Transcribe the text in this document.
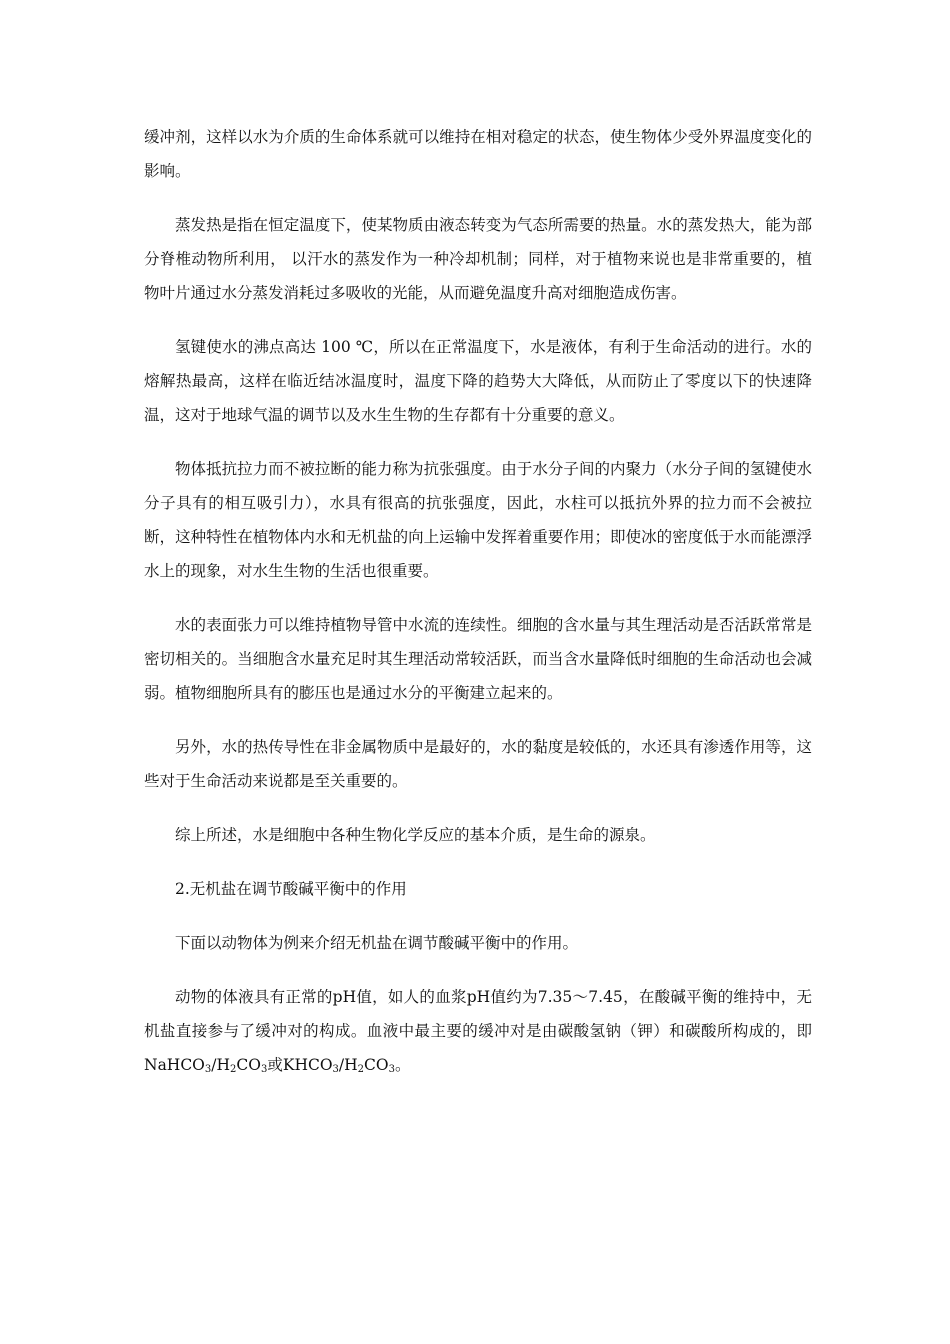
缓冲剂，这样以水为介质的生命体系就可以维持在相对稳定的状态，使生物体少受外界温度变化的影响。

蒸发热是指在恒定温度下，使某物质由液态转变为气态所需要的热量。水的蒸发热大，能为部分脊椎动物所利用， 以汗水的蒸发作为一种冷却机制；同样，对于植物来说也是非常重要的，植物叶片通过水分蒸发消耗过多吸收的光能，从而避免温度升高对细胞造成伤害。

氢键使水的沸点高达 100 ℃，所以在正常温度下，水是液体，有利于生命活动的进行。水的熔解热最高，这样在临近结冰温度时，温度下降的趋势大大降低，从而防止了零度以下的快速降温，这对于地球气温的调节以及水生生物的生存都有十分重要的意义。

物体抵抗拉力而不被拉断的能力称为抗张强度。由于水分子间的内聚力（水分子间的氢键使水分子具有的相互吸引力），水具有很高的抗张强度，因此，水柱可以抵抗外界的拉力而不会被拉断，这种特性在植物体内水和无机盐的向上运输中发挥着重要作用；即使冰的密度低于水而能漂浮水上的现象，对水生生物的生活也很重要。

水的表面张力可以维持植物导管中水流的连续性。细胞的含水量与其生理活动是否活跃常常是密切相关的。当细胞含水量充足时其生理活动常较活跃，而当含水量降低时细胞的生命活动也会减弱。植物细胞所具有的膨压也是通过水分的平衡建立起来的。

另外，水的热传导性在非金属物质中是最好的，水的黏度是较低的，水还具有渗透作用等，这些对于生命活动来说都是至关重要的。

综上所述，水是细胞中各种生物化学反应的基本介质，是生命的源泉。

2.无机盐在调节酸碱平衡中的作用

下面以动物体为例来介绍无机盐在调节酸碱平衡中的作用。

动物的体液具有正常的pH值，如人的血浆pH值约为7.35～7.45，在酸碱平衡的维持中，无机盐直接参与了缓冲对的构成。血液中最主要的缓冲对是由碳酸氢钠（钾）和碳酸所构成的，即$NaHCO_3/H_2CO_3$或$KHCO_3/H_2CO_3$。
